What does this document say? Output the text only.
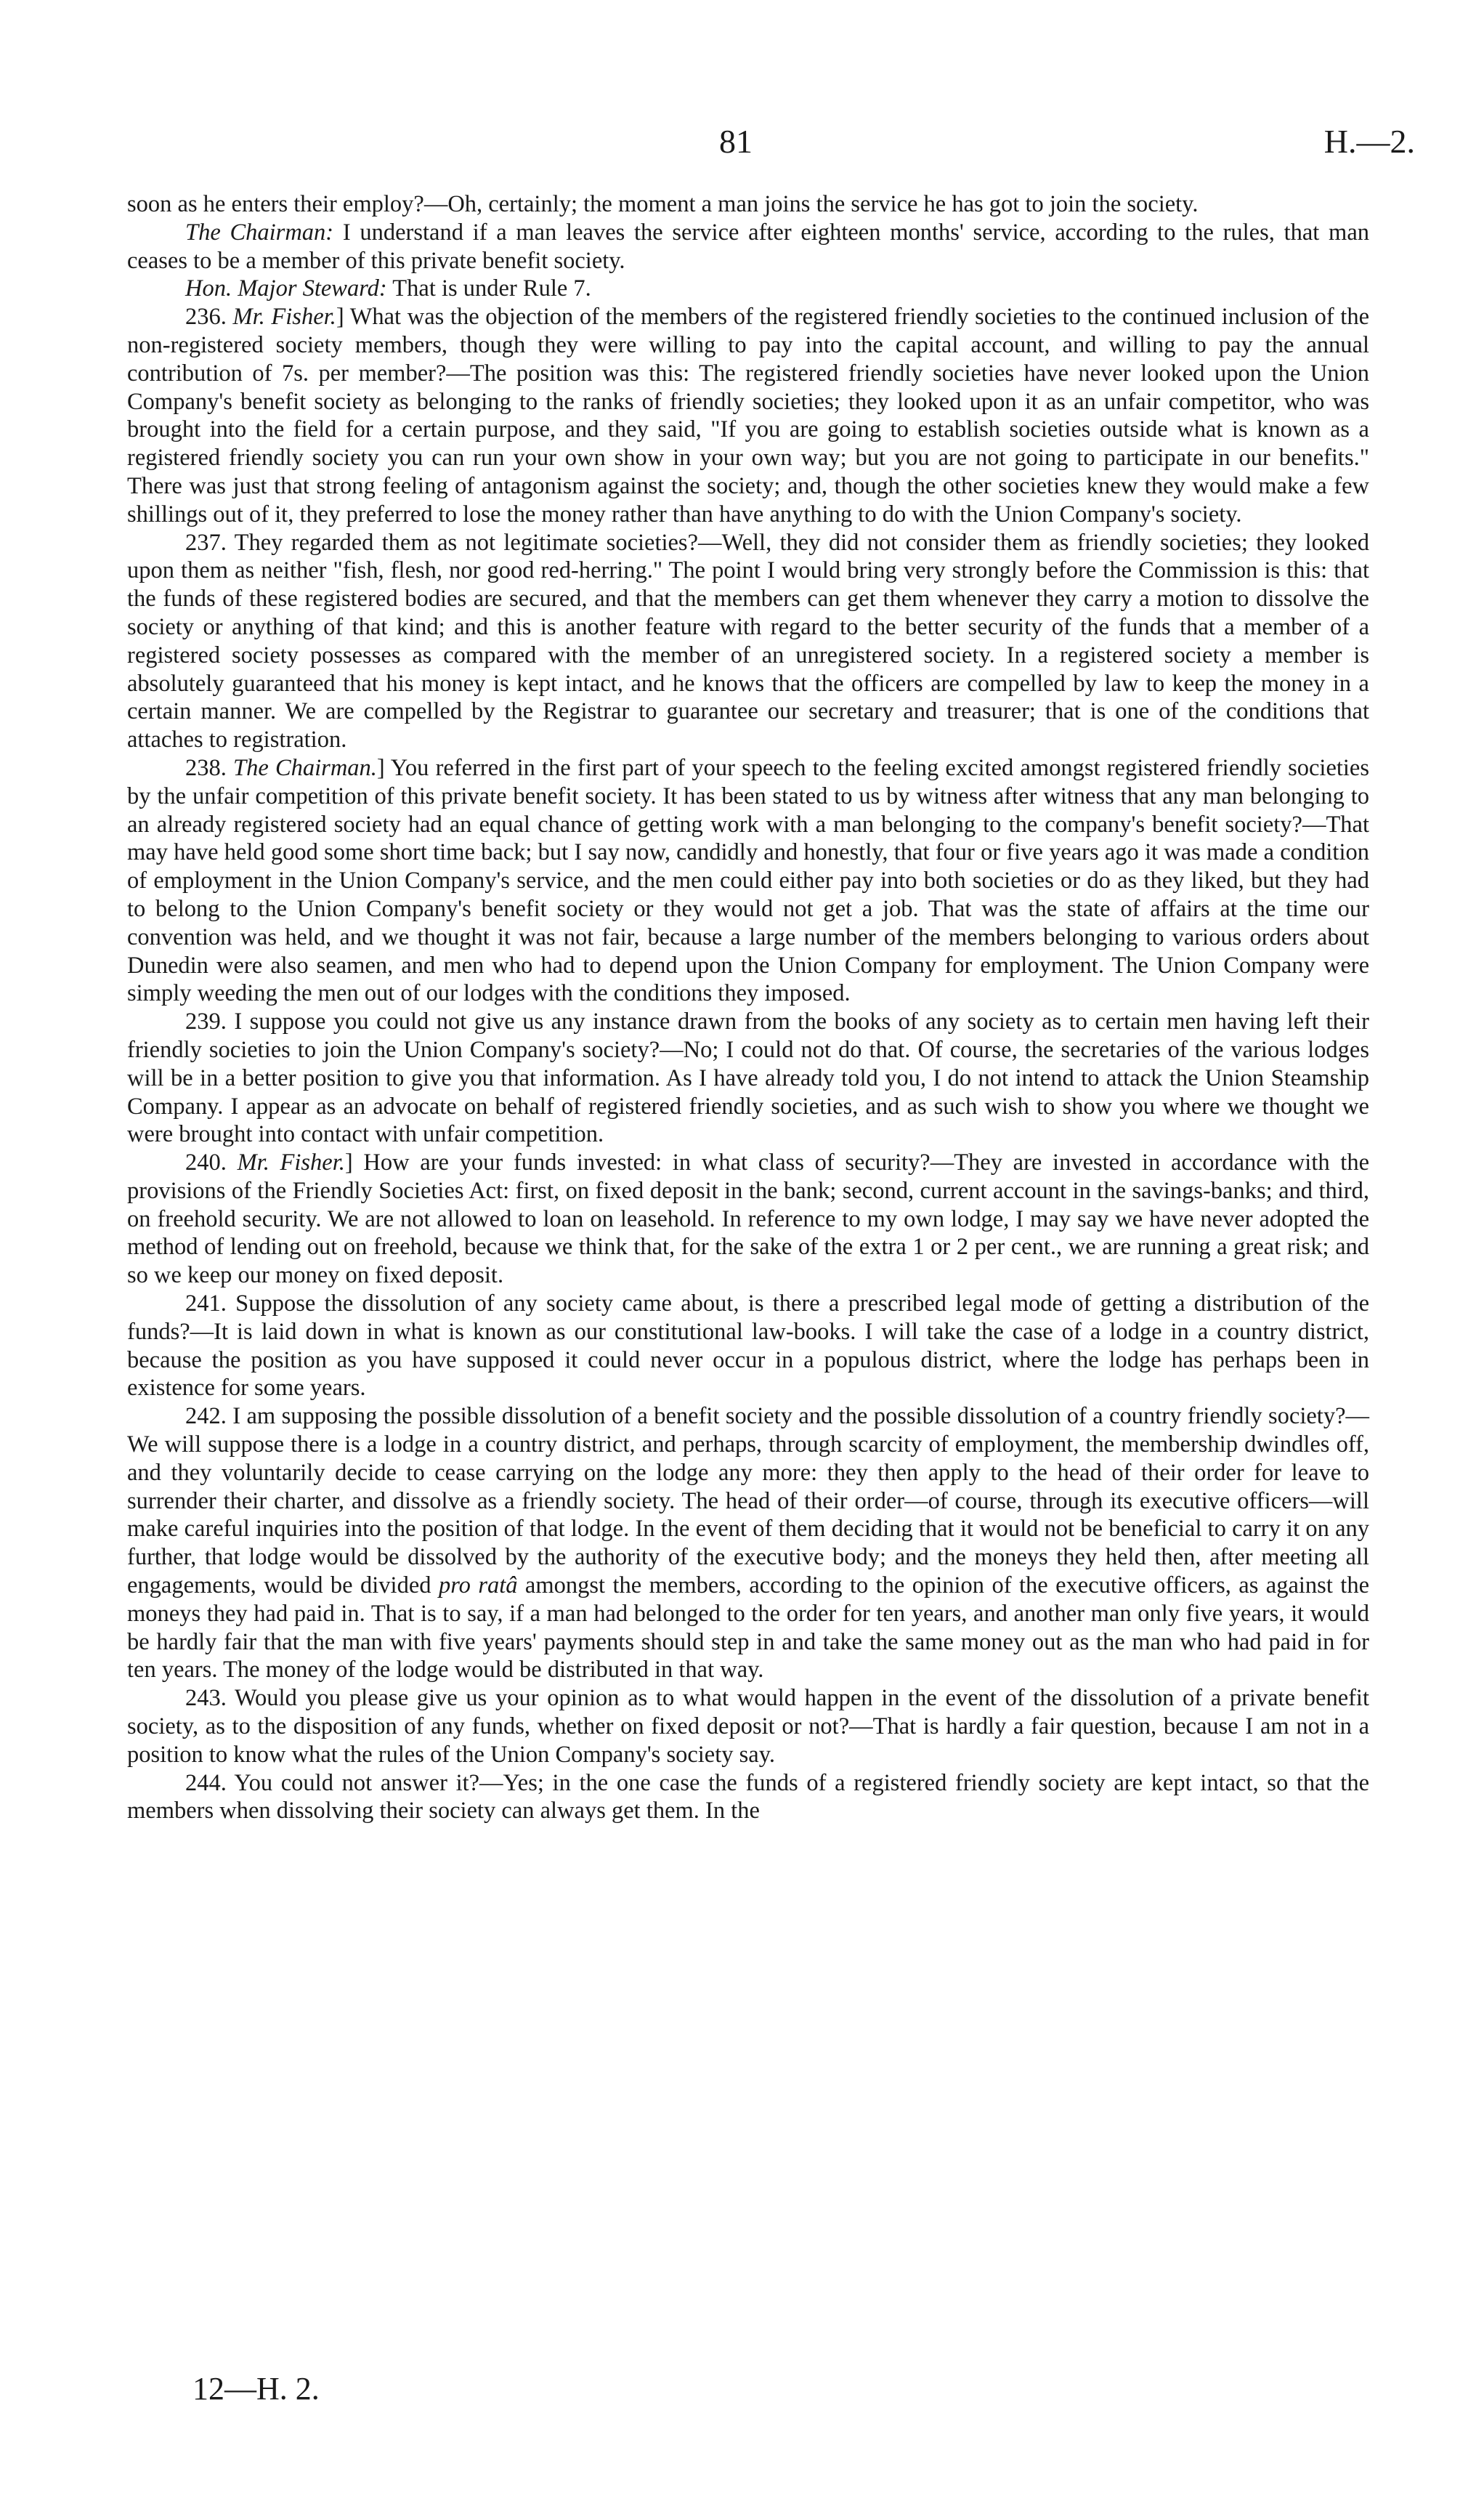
81	H.—2.

soon as he enters their employ?—Oh, certainly; the moment a man joins the service he has got to join the society.

The Chairman: I understand if a man leaves the service after eighteen months' service, according to the rules, that man ceases to be a member of this private benefit society.

Hon. Major Steward: That is under Rule 7.

236. Mr. Fisher.] What was the objection of the members of the registered friendly societies to the continued inclusion of the non-registered society members, though they were willing to pay into the capital account, and willing to pay the annual contribution of 7s. per member?—The position was this: The registered friendly societies have never looked upon the Union Company's benefit society as belonging to the ranks of friendly societies; they looked upon it as an unfair competitor, who was brought into the field for a certain purpose, and they said, "If you are going to establish societies outside what is known as a registered friendly society you can run your own show in your own way; but you are not going to participate in our benefits." There was just that strong feeling of antagonism against the society; and, though the other societies knew they would make a few shillings out of it, they preferred to lose the money rather than have anything to do with the Union Company's society.

237. They regarded them as not legitimate societies?—Well, they did not consider them as friendly societies; they looked upon them as neither "fish, flesh, nor good red-herring." The point I would bring very strongly before the Commission is this: that the funds of these registered bodies are secured, and that the members can get them whenever they carry a motion to dissolve the society or anything of that kind; and this is another feature with regard to the better security of the funds that a member of a registered society possesses as compared with the member of an unregistered society. In a registered society a member is absolutely guaranteed that his money is kept intact, and he knows that the officers are compelled by law to keep the money in a certain manner. We are compelled by the Registrar to guarantee our secretary and treasurer; that is one of the conditions that attaches to registration.

238. The Chairman.] You referred in the first part of your speech to the feeling excited amongst registered friendly societies by the unfair competition of this private benefit society. It has been stated to us by witness after witness that any man belonging to an already registered society had an equal chance of getting work with a man belonging to the company's benefit society?—That may have held good some short time back; but I say now, candidly and honestly, that four or five years ago it was made a condition of employment in the Union Company's service, and the men could either pay into both societies or do as they liked, but they had to belong to the Union Company's benefit society or they would not get a job. That was the state of affairs at the time our convention was held, and we thought it was not fair, because a large number of the members belonging to various orders about Dunedin were also seamen, and men who had to depend upon the Union Company for employment. The Union Company were simply weeding the men out of our lodges with the conditions they imposed.

239. I suppose you could not give us any instance drawn from the books of any society as to certain men having left their friendly societies to join the Union Company's society?—No; I could not do that. Of course, the secretaries of the various lodges will be in a better position to give you that information. As I have already told you, I do not intend to attack the Union Steamship Company. I appear as an advocate on behalf of registered friendly societies, and as such wish to show you where we thought we were brought into contact with unfair competition.

240. Mr. Fisher.] How are your funds invested: in what class of security?—They are invested in accordance with the provisions of the Friendly Societies Act: first, on fixed deposit in the bank; second, current account in the savings-banks; and third, on freehold security. We are not allowed to loan on leasehold. In reference to my own lodge, I may say we have never adopted the method of lending out on freehold, because we think that, for the sake of the extra 1 or 2 per cent., we are running a great risk; and so we keep our money on fixed deposit.

241. Suppose the dissolution of any society came about, is there a prescribed legal mode of getting a distribution of the funds?—It is laid down in what is known as our constitutional law-books. I will take the case of a lodge in a country district, because the position as you have supposed it could never occur in a populous district, where the lodge has perhaps been in existence for some years.

242. I am supposing the possible dissolution of a benefit society and the possible dissolution of a country friendly society?—We will suppose there is a lodge in a country district, and perhaps, through scarcity of employment, the membership dwindles off, and they voluntarily decide to cease carrying on the lodge any more: they then apply to the head of their order for leave to surrender their charter, and dissolve as a friendly society. The head of their order—of course, through its executive officers—will make careful inquiries into the position of that lodge. In the event of them deciding that it would not be beneficial to carry it on any further, that lodge would be dissolved by the authority of the executive body; and the moneys they held then, after meeting all engagements, would be divided pro ratâ amongst the members, according to the opinion of the executive officers, as against the moneys they had paid in. That is to say, if a man had belonged to the order for ten years, and another man only five years, it would be hardly fair that the man with five years' payments should step in and take the same money out as the man who had paid in for ten years. The money of the lodge would be distributed in that way.

243. Would you please give us your opinion as to what would happen in the event of the dissolution of a private benefit society, as to the disposition of any funds, whether on fixed deposit or not?—That is hardly a fair question, because I am not in a position to know what the rules of the Union Company's society say.

244. You could not answer it?—Yes; in the one case the funds of a registered friendly society are kept intact, so that the members when dissolving their society can always get them. In the

12—H. 2.
